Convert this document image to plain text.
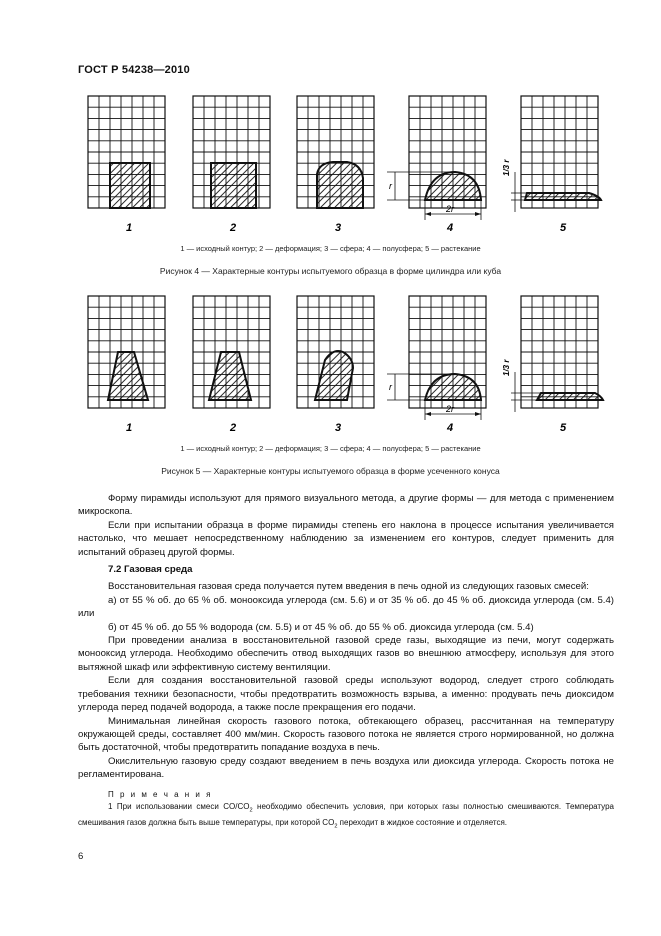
ГОСТ Р 54238—2010
r
2r
1/3 r
1	2	3	4	5
1 — исходный контур; 2 — деформация; 3 — сфера; 4 — полусфера; 5 — растекание
Рисунок 4 — Характерные контуры испытуемого образца в форме цилиндра или куба
r
2r
1/3 r
1	2	3	4	5
1 — исходный контур; 2 — деформация; 3 — сфера; 4 — полусфера; 5 — растекание
Рисунок 5 — Характерные контуры испытуемого образца в форме усеченного конуса

Форму пирамиды используют для прямого визуального метода, а другие формы — для метода с применением микроскопа.

Если при испытании образца в форме пирамиды степень его наклона в процессе испытания увеличивается настолько, что мешает непосредственному наблюдению за изменением его контуров, следует применить для испытаний образец другой формы.

7.2 Газовая среда

Восстановительная газовая среда получается путем введения в печь одной из следующих газовых смесей:

а) от 55 % об. до 65 % об. монооксида углерода (см. 5.6) и от 35 % об. до 45 % об. диоксида углерода (см. 5.4) или

б) от 45 % об. до 55 % водорода (см. 5.5) и от 45 % об. до 55 % об. диоксида углерода (см. 5.4)

При проведении анализа в восстановительной газовой среде газы, выходящие из печи, могут содержать монооксид углерода. Необходимо обеспечить отвод выходящих газов во внешнюю атмосферу, используя для этого вытяжной шкаф или эффективную систему вентиляции.

Если для создания восстановительной газовой среды используют водород, следует строго соблюдать требования техники безопасности, чтобы предотвратить возможность взрыва, а именно: продувать печь диоксидом углерода перед подачей водорода, а также после прекращения его подачи.

Минимальная линейная скорость газового потока, обтекающего образец, рассчитанная на температуру окружающей среды, составляет 400 мм/мин. Скорость газового потока не является строго нормированной, но должна быть достаточной, чтобы предотвратить попадание воздуха в печь.

Окислительную газовую среду создают введением в печь воздуха или диоксида углерода. Скорость потока не регламентирована.

П р и м е ч а н и я

1 При использовании смеси $CO/CO_2$ необходимо обеспечить условия, при которых газы полностью смешиваются. Температура смешивания газов должна быть выше температуры, при которой $CO_2$ переходит в жидкое состояние и отделяется.

6
